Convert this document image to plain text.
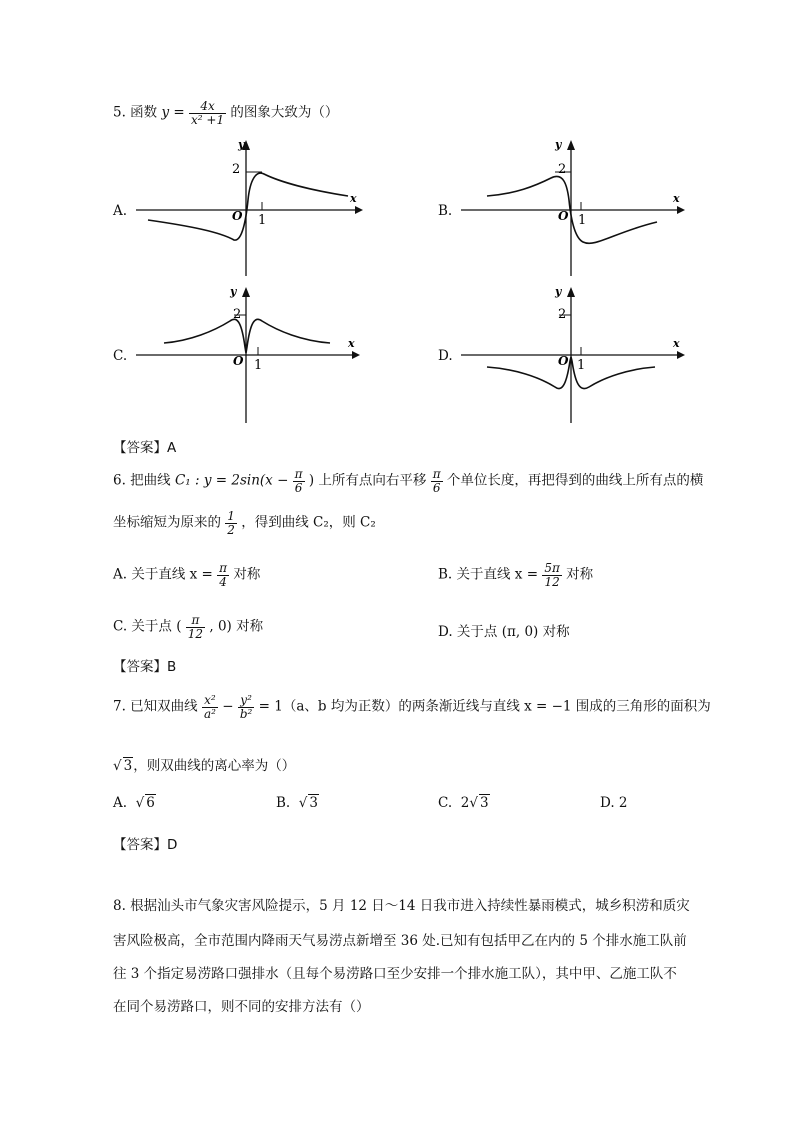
5. 函数 $y = \frac{4x}{\text{x² +1}}$ 的图象大致为（）
A.
2
O 1
y
x
B.
2
O 1
y
x
C.
2
O 1
y
x
D.
2
O 1
y
x
【答案】A
6. 把曲线 C₁ : $y = 2\sin(x - \frac{\pi}{6}$ ) 上所有点向右平移 $\frac{\pi}{6}$ 个单位长度，再把得到的曲线上所有点的横
坐标缩短为原来的 $\frac{1}{2}$ ，得到曲线 C₂，则 C₂
A. 关于直线 $x = \frac{\pi}{4}$ 对称	B. 关于直线 $x = \frac{5\pi}{12}$ 对称
C. 关于点 ( $\frac{\pi}{12}$ , 0) 对称	D. 关于点 (π, 0) 对称
【答案】B
7. 已知双曲线 $\frac{\text{x²}}{\text{a²}} - \frac{\text{y²}}{\text{b²}} = 1(a$、b 均为正数）的两条渐近线与直线 x = −1 围成的三角形的面积为
√ 3，则双曲线的离心率为（）
A.  √ 6	B.  √ 3	C. 2√ 3	D. 2
【答案】D
8. 根据汕头市气象灾害风险提示，5 月 12 日～14 日我市进入持续性暴雨模式，城乡积涝和质灾
害风险极高，全市范围内降雨天气易涝点新增至 36 处.已知有包括甲乙在内的 5 个排水施工队前
往 3 个指定易涝路口强排水（且每个易涝路口至少安排一个排水施工队），其中甲、乙施工队不
在同个易涝路口，则不同的安排方法有（）
